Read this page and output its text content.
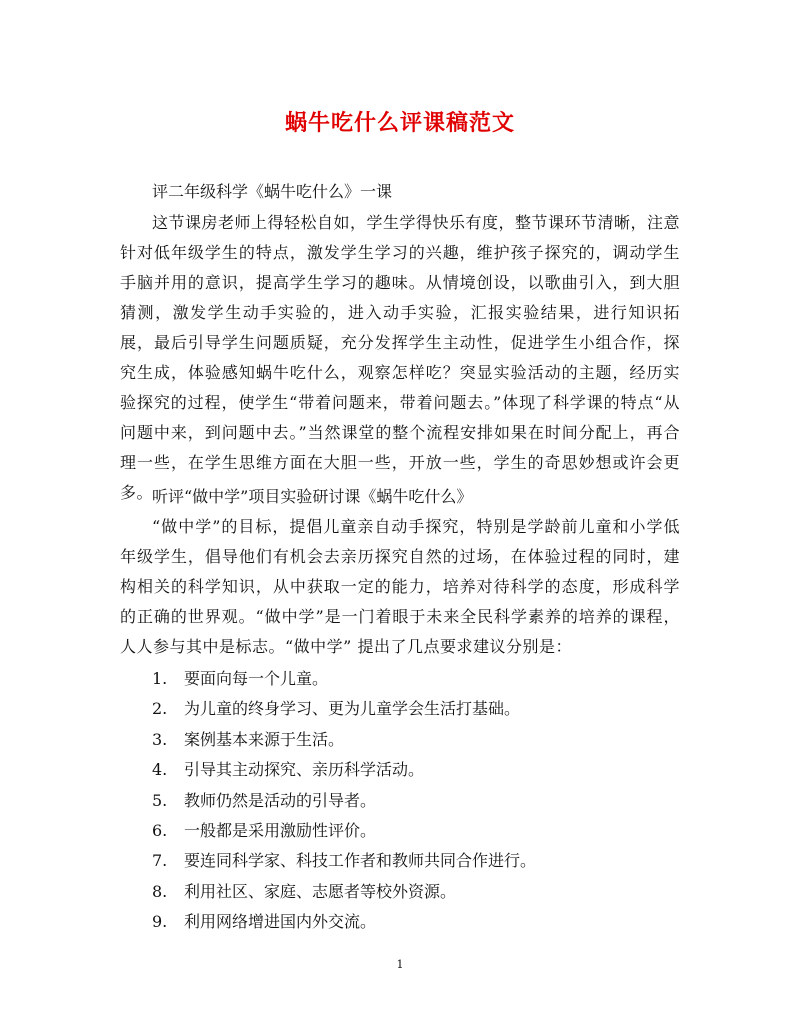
蜗牛吃什么评课稿范文
评二年级科学《蜗牛吃什么》一课
这节课房老师上得轻松自如，学生学得快乐有度，整节课环节清晰，注意针对低年级学生的特点，激发学生学习的兴趣，维护孩子探究的，调动学生手脑并用的意识，提高学生学习的趣味。从情境创设，以歌曲引入，到大胆猜测，激发学生动手实验的，进入动手实验，汇报实验结果，进行知识拓展，最后引导学生问题质疑，充分发挥学生主动性，促进学生小组合作，探究生成，体验感知蜗牛吃什么，观察怎样吃？突显实验活动的主题，经历实验探究的过程，使学生“带着问题来，带着问题去。”体现了科学课的特点“从问题中来，到问题中去。”当然课堂的整个流程安排如果在时间分配上，再合理一些，在学生思维方面在大胆一些，开放一些，学生的奇思妙想或许会更多。
听评“做中学”项目实验研讨课《蜗牛吃什么》
“做中学”的目标，提倡儿童亲自动手探究，特别是学龄前儿童和小学低年级学生，倡导他们有机会去亲历探究自然的过场，在体验过程的同时，建构相关的科学知识，从中获取一定的能力，培养对待科学的态度，形成科学的正确的世界观。“做中学”是一门着眼于未来全民科学素养的培养的课程，人人参与其中是标志。“做中学” 提出了几点要求建议分别是：
1. 要面向每一个儿童。
2. 为儿童的终身学习、更为儿童学会生活打基础。
3. 案例基本来源于生活。
4. 引导其主动探究、亲历科学活动。
5. 教师仍然是活动的引导者。
6. 一般都是采用激励性评价。
7. 要连同科学家、科技工作者和教师共同合作进行。
8. 利用社区、家庭、志愿者等校外资源。
9. 利用网络增进国内外交流。
1
